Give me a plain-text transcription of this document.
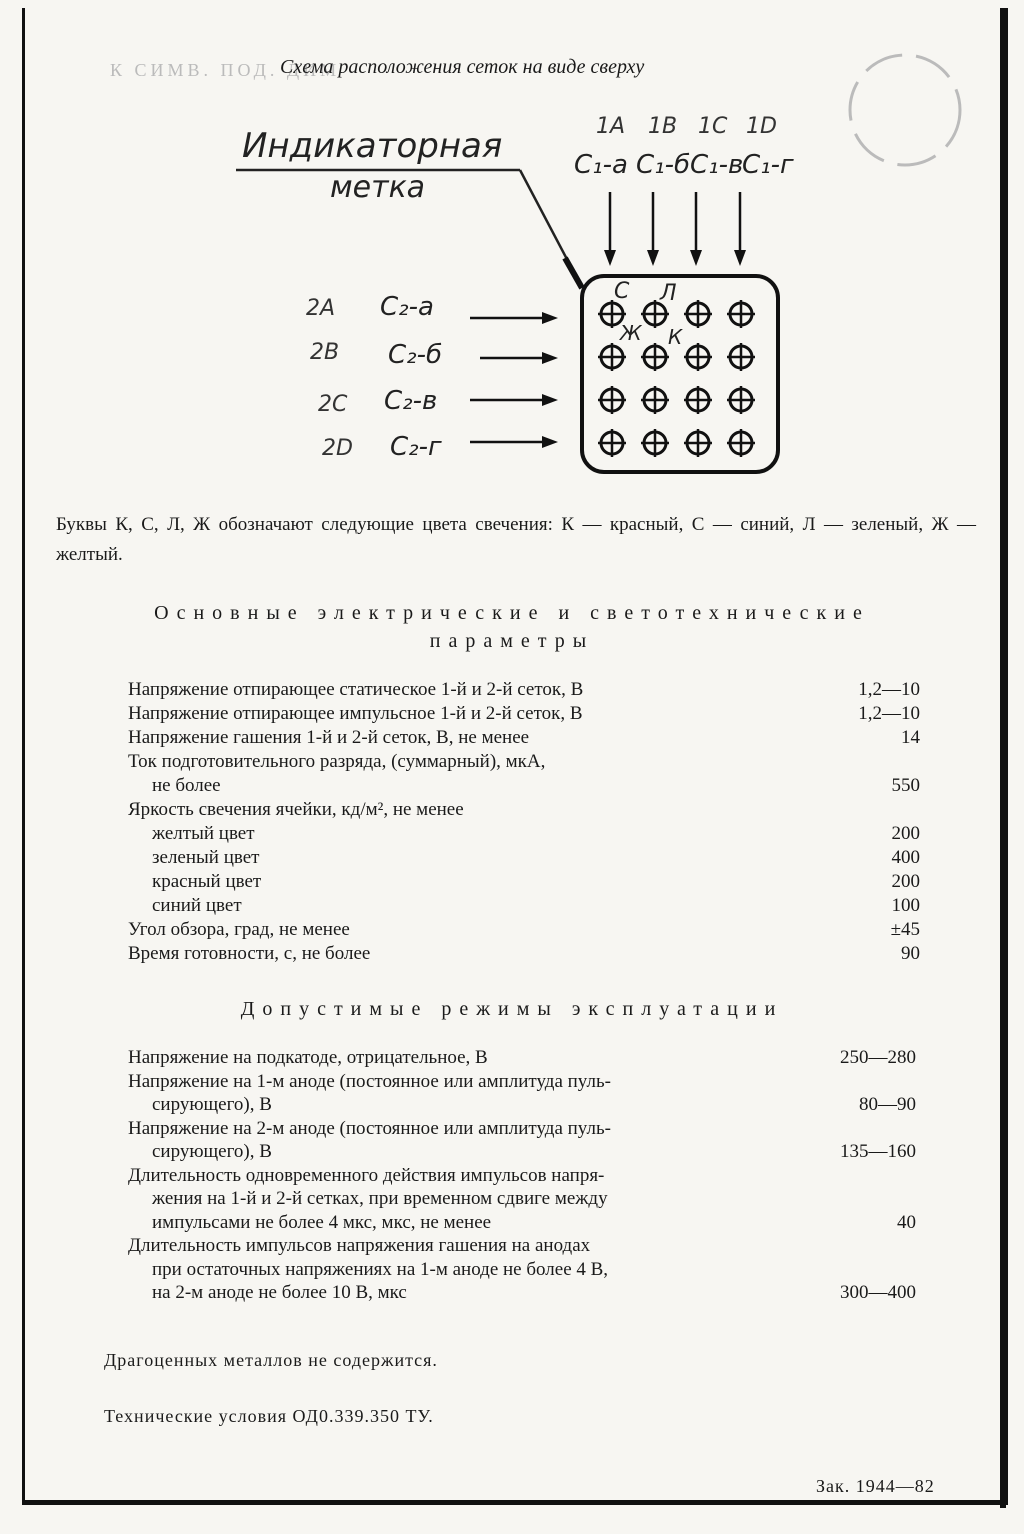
К СИМВ. ПОД. ДИМ
Схема расположения сеток на виде сверху
С Л
Ж К
Индикаторная
метка
1A 1B 1C 1D
C₁-а C₁-б C₁-в
C₁-г
2A
2B
2C
2D
C₂-а
C₂-б
C₂-в
C₂-г
Буквы К, С, Л, Ж обозначают следующие цвета свечения: К — красный, С — синий, Л — зеленый, Ж — желтый.
Основные электрические и светотехнические
параметры
Напряжение отпирающее статическое 1-й и 2-й сеток, В	1,2—10
Напряжение отпирающее импульсное 1-й и 2-й сеток, В	1,2—10
Напряжение гашения 1-й и 2-й сеток, В, не менее	14
Ток подготовительного разряда, (суммарный), мкА,
не более	550
Яркость свечения ячейки, кд/м², не менее
желтый цвет	200
зеленый цвет	400
красный цвет	200
синий цвет	100
Угол обзора, град, не менее	±45
Время готовности, с, не более	90
Допустимые режимы эксплуатации
Напряжение на подкатоде, отрицательное, В	250—280
Напряжение на 1-м аноде (постоянное или амплитуда пуль-
сирующего), В	80—90
Напряжение на 2-м аноде (постоянное или амплитуда пуль-
сирующего), В	135—160
Длительность одновременного действия импульсов напря-
жения на 1-й и 2-й сетках, при временном сдвиге между
импульсами не более 4 мкс, мкс, не менее	40
Длительность импульсов напряжения гашения на анодах
при остаточных напряжениях на 1-м аноде не более 4 В,
на 2-м аноде не более 10 В, мкс	300—400
Драгоценных металлов не содержится.
Технические условия ОД0.339.350 ТУ.
Зак. 1944—82
